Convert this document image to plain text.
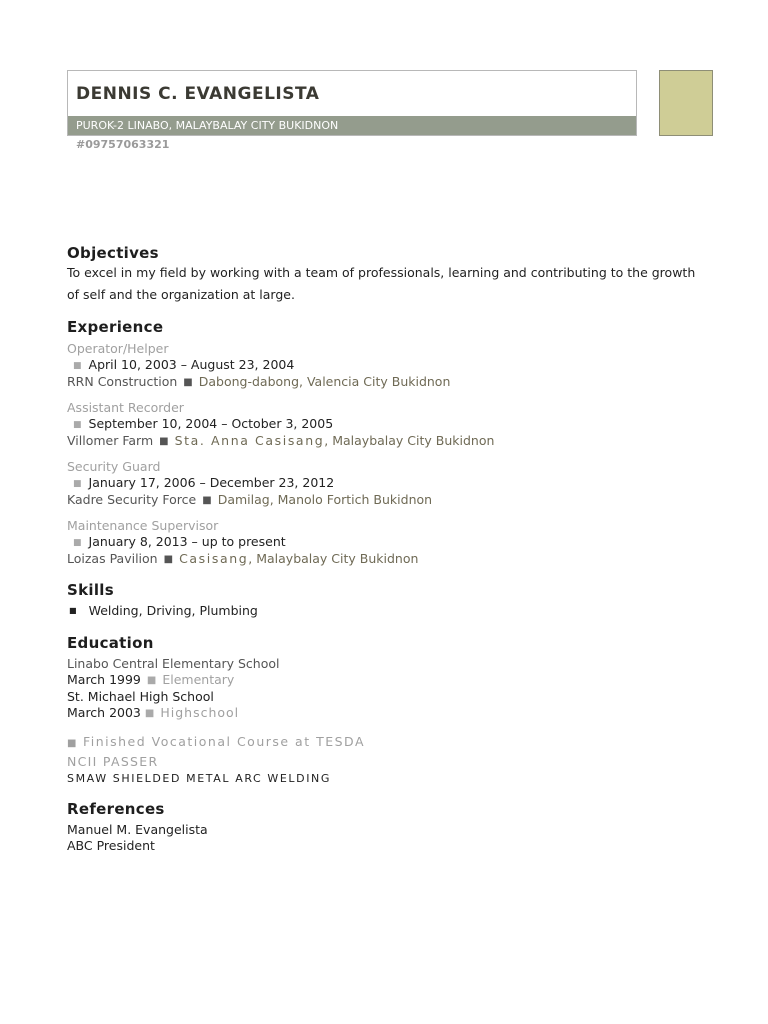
DENNIS C. EVANGELISTA
PUROK-2 LINABO, MALAYBALAY CITY BUKIDNON
#09757063321
Objectives

To excel in my field by working with a team of professionals, learning and contributing to the growth of self and the organization at large.

Experience
Operator/Helper
■ April 10, 2003 – August 23, 2004
RRN Construction ■ Dabong-dabong, Valencia City Bukidnon
Assistant Recorder
■ September 10, 2004 – October 3, 2005
Villomer Farm ■ Sta. Anna Casisang, Malaybalay City Bukidnon
Security Guard
■ January 17, 2006 – December 23, 2012
Kadre Security Force ■ Damilag, Manolo Fortich Bukidnon
Maintenance Supervisor
■ January 8, 2013 – up to present
Loizas Pavilion ■ Casisang, Malaybalay City Bukidnon
Skills
■ Welding, Driving, Plumbing
Education
Linabo Central Elementary School
March 1999 ■ Elementary
St. Michael High School
March 2003 ■ Highschool
■ Finished Vocational Course at TESDA
NCII PASSER
SMAW SHIELDED METAL ARC WELDING
References
Manuel M. Evangelista
ABC President
